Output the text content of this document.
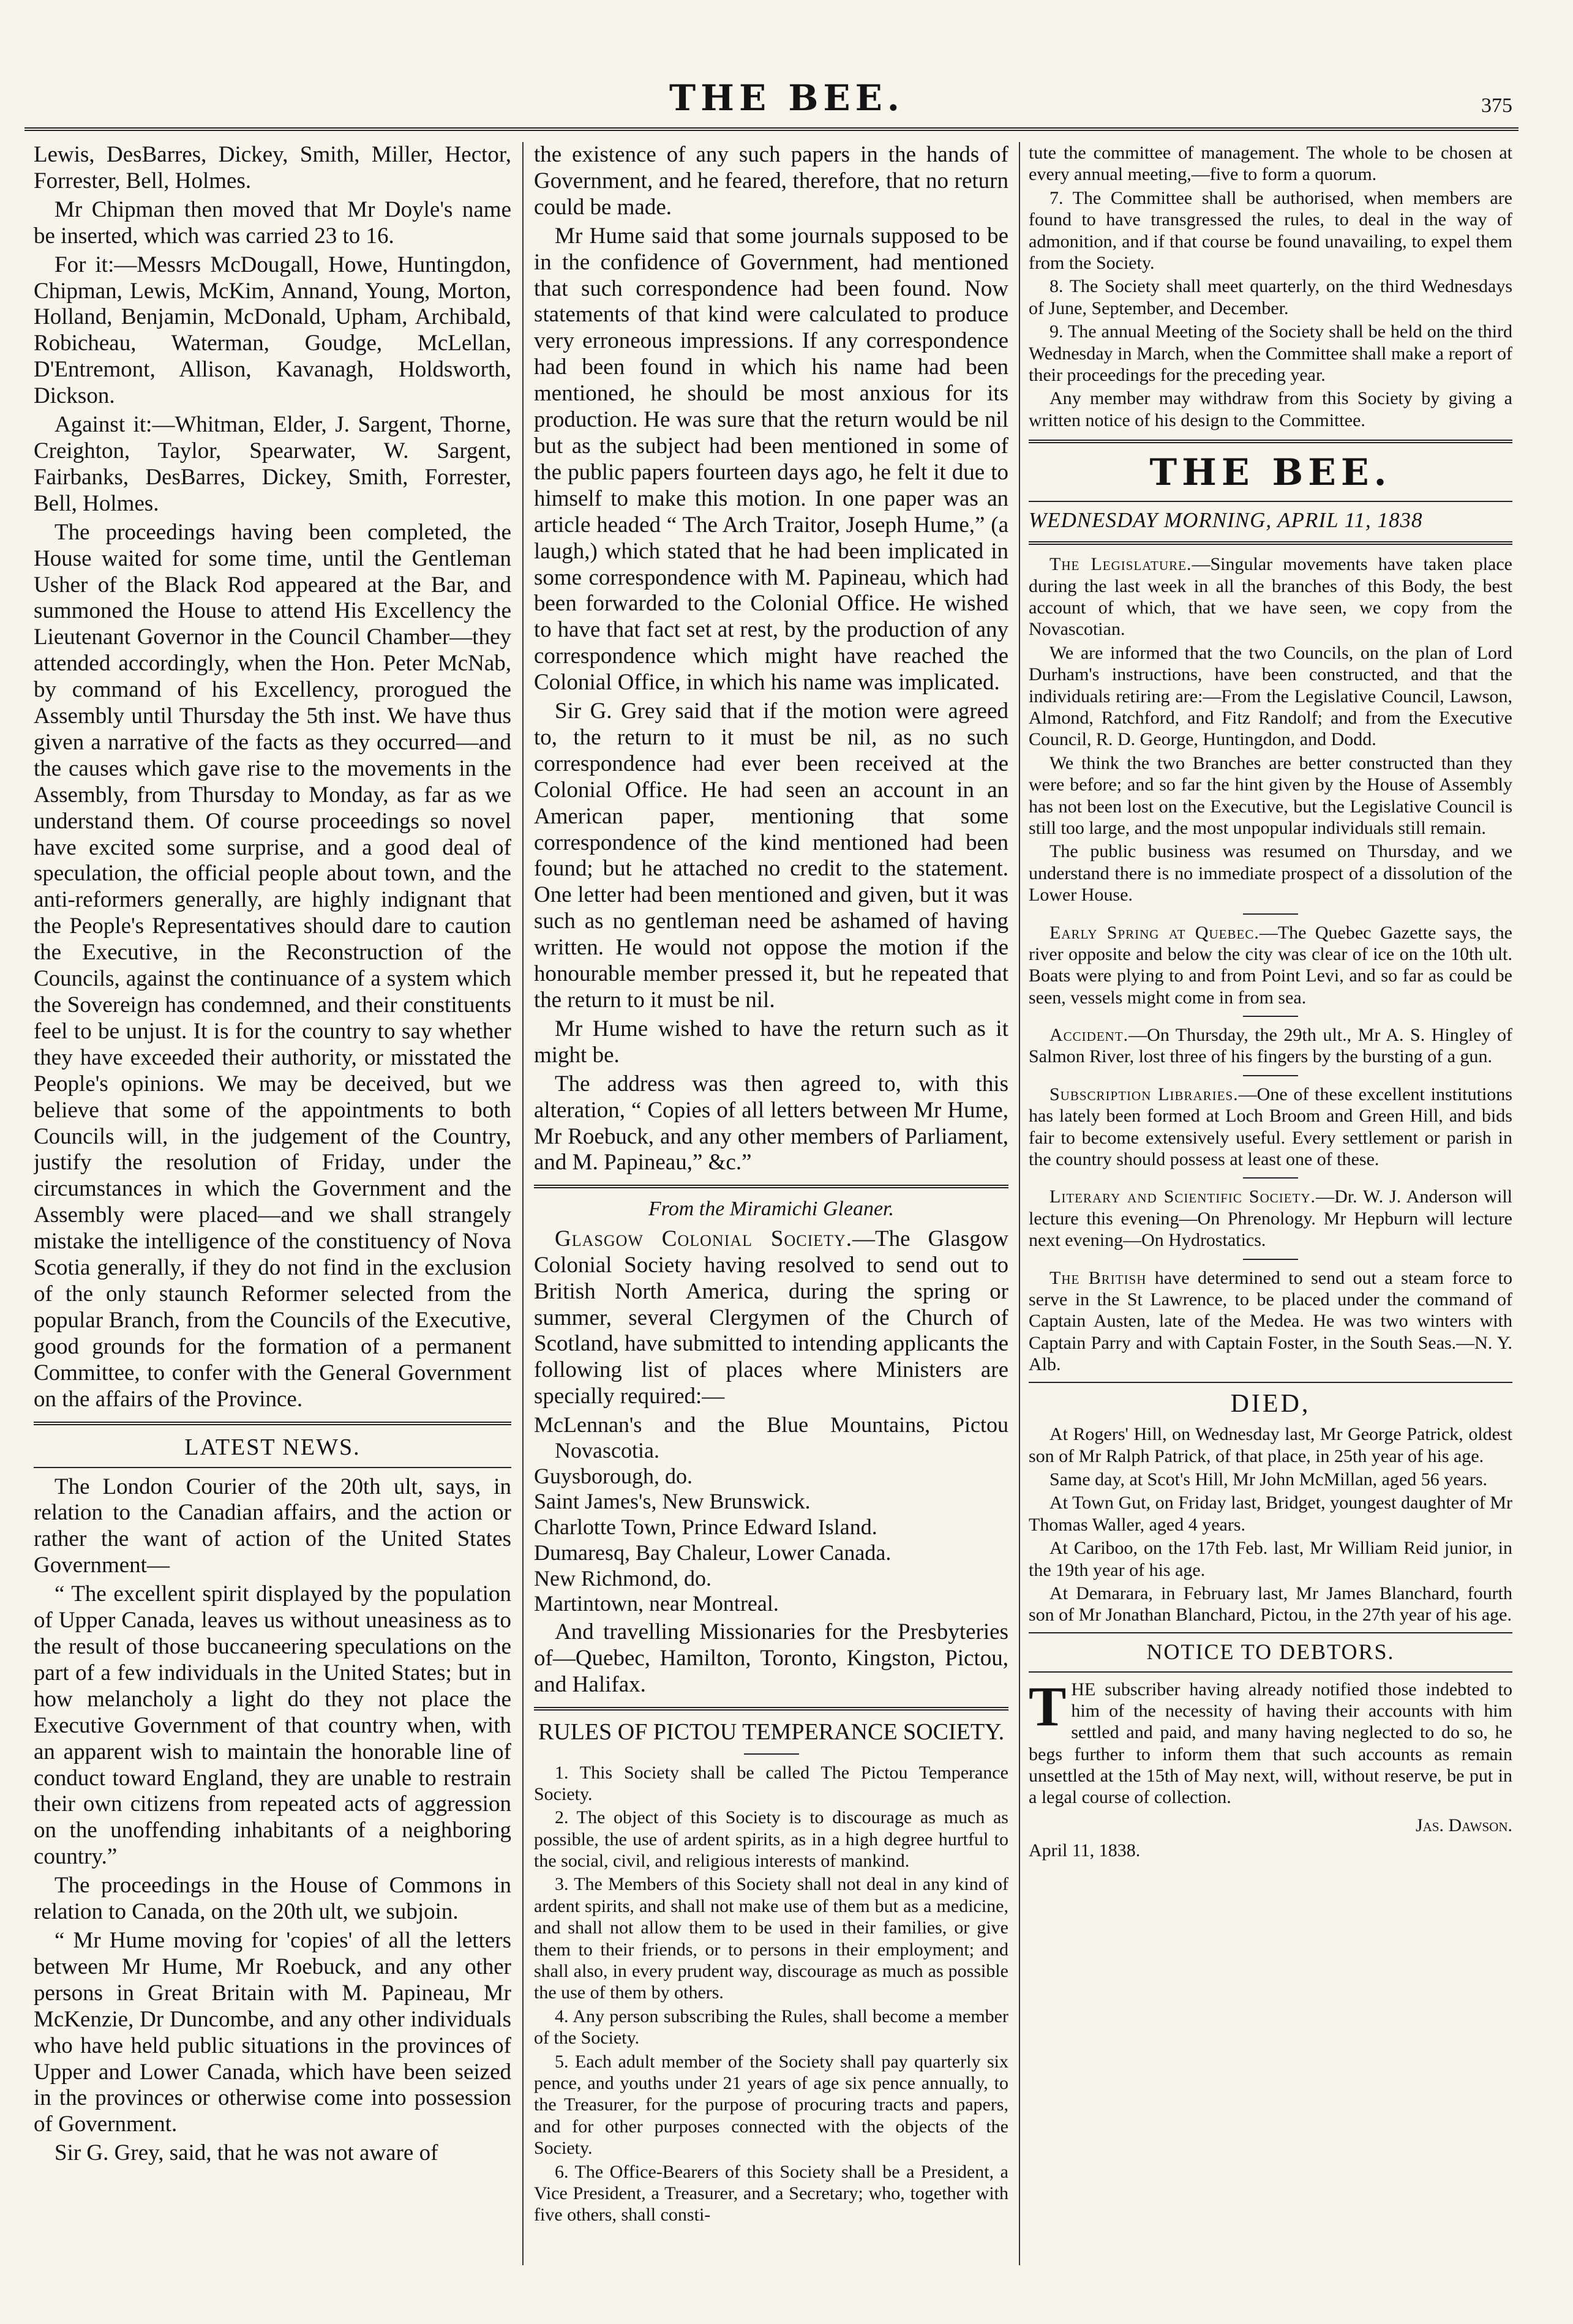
THE BEE.	375

Lewis, DesBarres, Dickey, Smith, Miller, Hector, Forrester, Bell, Holmes.

Mr Chipman then moved that Mr Doyle's name be inserted, which was carried 23 to 16.

For it:—Messrs McDougall, Howe, Huntingdon, Chipman, Lewis, McKim, Annand, Young, Morton, Holland, Benjamin, McDonald, Upham, Archibald, Robicheau, Waterman, Goudge, McLellan, D'Entremont, Allison, Kavanagh, Holdsworth, Dickson.

Against it:—Whitman, Elder, J. Sargent, Thorne, Creighton, Taylor, Spearwater, W. Sargent, Fairbanks, DesBarres, Dickey, Smith, Forrester, Bell, Holmes.

The proceedings having been completed, the House waited for some time, until the Gentleman Usher of the Black Rod appeared at the Bar, and summoned the House to attend His Excellency the Lieutenant Governor in the Council Chamber—they attended accordingly, when the Hon. Peter McNab, by command of his Excellency, prorogued the Assembly until Thursday the 5th inst. We have thus given a narrative of the facts as they occurred—and the causes which gave rise to the movements in the Assembly, from Thursday to Monday, as far as we understand them. Of course proceedings so novel have excited some surprise, and a good deal of speculation, the official people about town, and the anti-reformers generally, are highly indignant that the People's Representatives should dare to caution the Executive, in the Reconstruction of the Councils, against the continuance of a system which the Sovereign has condemned, and their constituents feel to be unjust. It is for the country to say whether they have exceeded their authority, or misstated the People's opinions. We may be deceived, but we believe that some of the appointments to both Councils will, in the judgement of the Country, justify the resolution of Friday, under the circumstances in which the Government and the Assembly were placed—and we shall strangely mistake the intelligence of the constituency of Nova Scotia generally, if they do not find in the exclusion of the only staunch Reformer selected from the popular Branch, from the Councils of the Executive, good grounds for the formation of a permanent Committee, to confer with the General Government on the affairs of the Province.

LATEST NEWS.

The London Courier of the 20th ult, says, in relation to the Canadian affairs, and the action or rather the want of action of the United States Government—

“ The excellent spirit displayed by the population of Upper Canada, leaves us without uneasiness as to the result of those buccaneering speculations on the part of a few individuals in the United States; but in how melancholy a light do they not place the Executive Government of that country when, with an apparent wish to maintain the honorable line of conduct toward England, they are unable to restrain their own citizens from repeated acts of aggression on the unoffending inhabitants of a neighboring country.”

The proceedings in the House of Commons in relation to Canada, on the 20th ult, we subjoin.

“ Mr Hume moving for 'copies' of all the letters between Mr Hume, Mr Roebuck, and any other persons in Great Britain with M. Papineau, Mr McKenzie, Dr Duncombe, and any other individuals who have held public situations in the provinces of Upper and Lower Canada, which have been seized in the provinces or otherwise come into possession of Government.

Sir G. Grey, said, that he was not aware of

the existence of any such papers in the hands of Government, and he feared, therefore, that no return could be made.

Mr Hume said that some journals supposed to be in the confidence of Government, had mentioned that such correspondence had been found. Now statements of that kind were calculated to produce very erroneous impressions. If any correspondence had been found in which his name had been mentioned, he should be most anxious for its production. He was sure that the return would be nil but as the subject had been mentioned in some of the public papers fourteen days ago, he felt it due to himself to make this motion. In one paper was an article headed “ The Arch Traitor, Joseph Hume,” (a laugh,) which stated that he had been implicated in some correspondence with M. Papineau, which had been forwarded to the Colonial Office. He wished to have that fact set at rest, by the production of any correspondence which might have reached the Colonial Office, in which his name was implicated.

Sir G. Grey said that if the motion were agreed to, the return to it must be nil, as no such correspondence had ever been received at the Colonial Office. He had seen an account in an American paper, mentioning that some correspondence of the kind mentioned had been found; but he attached no credit to the statement. One letter had been mentioned and given, but it was such as no gentleman need be ashamed of having written. He would not oppose the motion if the honourable member pressed it, but he repeated that the return to it must be nil.

Mr Hume wished to have the return such as it might be.

The address was then agreed to, with this alteration, “ Copies of all letters between Mr Hume, Mr Roebuck, and any other members of Parliament, and M. Papineau,” &c.”

From the Miramichi Gleaner.

Glasgow Colonial Society.—The Glasgow Colonial Society having resolved to send out to British North America, during the spring or summer, several Clergymen of the Church of Scotland, have submitted to intending applicants the following list of places where Ministers are specially required:—

McLennan's and the Blue Mountains, Pictou Novascotia.
Guysborough, do.
Saint James's, New Brunswick.
Charlotte Town, Prince Edward Island.
Dumaresq, Bay Chaleur, Lower Canada.
New Richmond, do.
Martintown, near Montreal.

And travelling Missionaries for the Presbyteries of—Quebec, Hamilton, Toronto, Kingston, Pictou, and Halifax.

RULES OF PICTOU TEMPERANCE SOCIETY.

1. This Society shall be called The Pictou Temperance Society.

2. The object of this Society is to discourage as much as possible, the use of ardent spirits, as in a high degree hurtful to the social, civil, and religious interests of mankind.

3. The Members of this Society shall not deal in any kind of ardent spirits, and shall not make use of them but as a medicine, and shall not allow them to be used in their families, or give them to their friends, or to persons in their employment; and shall also, in every prudent way, discourage as much as possible the use of them by others.

4. Any person subscribing the Rules, shall become a member of the Society.

5. Each adult member of the Society shall pay quarterly six pence, and youths under 21 years of age six pence annually, to the Treasurer, for the purpose of procuring tracts and papers, and for other purposes connected with the objects of the Society.

6. The Office-Bearers of this Society shall be a President, a Vice President, a Treasurer, and a Secretary; who, together with five others, shall consti-

tute the committee of management. The whole to be chosen at every annual meeting,—five to form a quorum.

7. The Committee shall be authorised, when members are found to have transgressed the rules, to deal in the way of admonition, and if that course be found unavailing, to expel them from the Society.

8. The Society shall meet quarterly, on the third Wednesdays of June, September, and December.

9. The annual Meeting of the Society shall be held on the third Wednesday in March, when the Committee shall make a report of their proceedings for the preceding year.

Any member may withdraw from this Society by giving a written notice of his design to the Committee.

THE BEE.
WEDNESDAY MORNING, APRIL 11, 1838

The Legislature.—Singular movements have taken place during the last week in all the branches of this Body, the best account of which, that we have seen, we copy from the Novascotian.

We are informed that the two Councils, on the plan of Lord Durham's instructions, have been constructed, and that the individuals retiring are:—From the Legislative Council, Lawson, Almond, Ratchford, and Fitz Randolf; and from the Executive Council, R. D. George, Huntingdon, and Dodd.

We think the two Branches are better constructed than they were before; and so far the hint given by the House of Assembly has not been lost on the Executive, but the Legislative Council is still too large, and the most unpopular individuals still remain.

The public business was resumed on Thursday, and we understand there is no immediate prospect of a dissolution of the Lower House.

Early Spring at Quebec.—The Quebec Gazette says, the river opposite and below the city was clear of ice on the 10th ult. Boats were plying to and from Point Levi, and so far as could be seen, vessels might come in from sea.

Accident.—On Thursday, the 29th ult., Mr A. S. Hingley of Salmon River, lost three of his fingers by the bursting of a gun.

Subscription Libraries.—One of these excellent institutions has lately been formed at Loch Broom and Green Hill, and bids fair to become extensively useful. Every settlement or parish in the country should possess at least one of these.

Literary and Scientific Society.—Dr. W. J. Anderson will lecture this evening—On Phrenology. Mr Hepburn will lecture next evening—On Hydrostatics.

The British have determined to send out a steam force to serve in the St Lawrence, to be placed under the command of Captain Austen, late of the Medea. He was two winters with Captain Parry and with Captain Foster, in the South Seas.—N. Y. Alb.

DIED,

At Rogers' Hill, on Wednesday last, Mr George Patrick, oldest son of Mr Ralph Patrick, of that place, in 25th year of his age.

Same day, at Scot's Hill, Mr John McMillan, aged 56 years.

At Town Gut, on Friday last, Bridget, youngest daughter of Mr Thomas Waller, aged 4 years.

At Cariboo, on the 17th Feb. last, Mr William Reid junior, in the 19th year of his age.

At Demarara, in February last, Mr James Blanchard, fourth son of Mr Jonathan Blanchard, Pictou, in the 27th year of his age.

NOTICE TO DEBTORS.

THE subscriber having already notified those indebted to him of the necessity of having their accounts with him settled and paid, and many having neglected to do so, he begs further to inform them that such accounts as remain unsettled at the 15th of May next, will, without reserve, be put in a legal course of collection.

Jas. Dawson.
April 11, 1838.
